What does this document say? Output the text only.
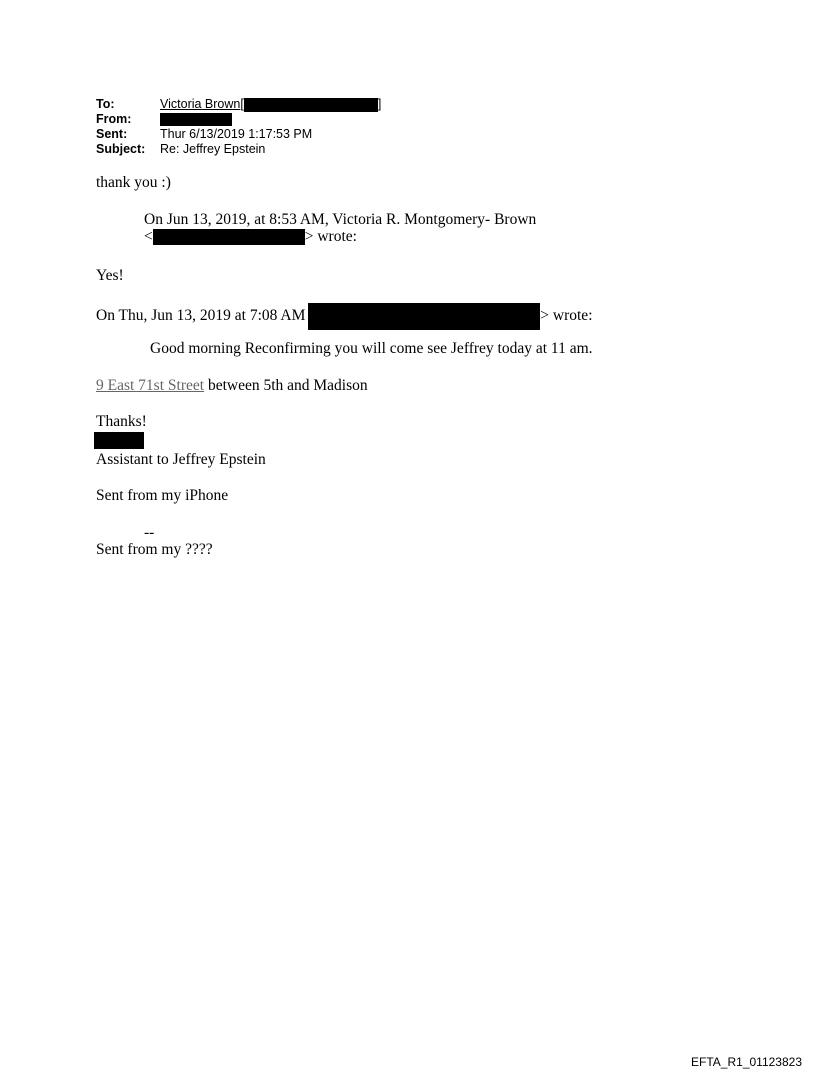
To:	Victoria Brown[	]
From:
Sent:	Thur 6/13/2019 1:17:53 PM
Subject: Re: Jeffrey Epstein
thank you :)
On Jun 13, 2019, at 8:53 AM, Victoria R. Montgomery- Brown
<	> wrote:
Yes!
On Thu, Jun 13, 2019 at 7:08 AM	> wrote:
Good morning Reconfirming you will come see Jeffrey today at 11 am.
9 East 71st Street between 5th and Madison
Thanks!
Assistant to Jeffrey Epstein
Sent from my iPhone
--
Sent from my ????
EFTA_R1_01123823
